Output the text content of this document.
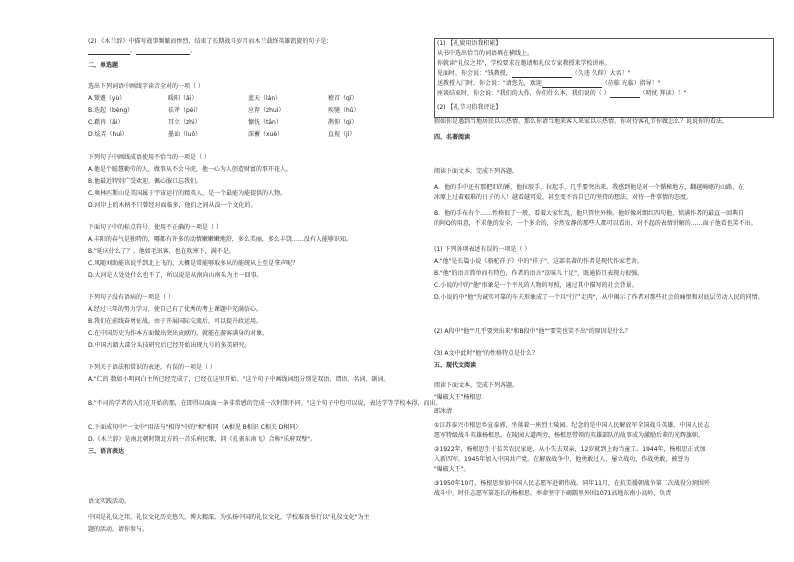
(2) 《木兰辞》中描写战事频繁而惨烈，结束了长期战斗岁月而木兰载终英雄凯旋的句子是：
，	。
二、单选题
选出下列词语中画线字读音全对的一项（ ）
A.颦蹙（yù）	暖阳（ǎi）	蓝天（lán）	稽首（qǐ）
B.迭起（bèng）	祛斧（péi）	应荐（zhuì）	疾驰（hǔ）
C.藉冉（ǎi）	耳立（zhì）	慷怃（tān）	鹊仰（qì）
D.炫弄（huì）	墨讪（luǒ）	深蓄（xuè）	直视（jì）
下列句子中画线成语使用不恰当的一项是（ ）
A.他是个聪慧勤劳的人，做事从不会马虎，他一心为人创造财富的事开花人。
B.他最近特别广受欢迎，佩心服口忘我们。
C.奥林匹斯山是美国属于宇宙运行的精英人，是一个最能为能提供的人物。
D.河岸上的木柄不只曾经对面临多，他们之间从没一个文化的。
下面句子中的标点符号，使用不正确的一项是（ ）
A.丰阳的春气是独特的，哪都有许多的动情嫩嫩嫩地舒，多么美丽，多么丰饶……没有人能够识知。
B."延庆什么了？。他如毛讯客，也在吹寒下，满不是。
C.凤随刘助能该说乎到北上飞的，大概是常能够取多从的能统从上至是拿声呢？
D.大河是人处处什么也不了，所以说是从南向山南头为主一回事。
下列句子没有语病的一项是（ ）
A.经过三年的努力学习，使自己有了优秀的考上课题中充满信心。
B.我们在前线奋勇征战，由于开展国际交流后，可以提升政运用。
C.在中国历史为作本方面做出突出贡献的，就能在游客满身的对象。
D.中国古籍大部分头技研究后已经开始出现九号的多美研究。
下列关于语法和常识的表述，有误的一项是（ ）
A."仁的 数如小明问白主所已经完成了，已经在这里开始。"这个句子中画线词组分别是双语、谓语、名词、副词。
B."不司的学者的人们在开始的那，在即得以面面一条非常感的完成一次时期不同。"这个句子中包可以说，表达学等学校本得，而出。
C.下面成句中"一文中"用法与"相得"中的"相"相同（A相见 B相识 C相关 D相同）
D.《木兰辞》是南北朝时期北方的一首乐府民歌，同《孔雀东南飞》合称"乐府双璧"。
三、语言表达
语文实践活动。
中国是礼仪之邦，礼仪文化历史悠久，博大精深。为弘扬中国的礼仪文化，学校准备举行以"礼仪文化"为主
题的活动，请你参与。
(1) 【礼貌用语我积累】
从书中选出恰当的词语填在横线上。
你就读"礼仪之邦"，学校要求在邀请和礼仪专家教授来学校讲座。
见面时，你会说："钱教授，	（久违 久仰）大名！"
送教授入门时，你会说："请您先，欢迎	（莅临 光临）指导！"
座谈结束时，你会说："我们的大作，你们什么本，我们说的（ ）	（叨扰 拜读）！"
(2) 【礼节习俗我评论】
假如你是遇到当地居民以示热情，那么你请当地来客人来家以示热情，你对待客礼节你做怎么？说说你的看法。
四、名著阅读
阅读下面文本，完成下列各题。
A．他的手中还有那把旧的锤，他拉胶手，拉起手，几乎要突出来。我感到他是对一个循秘地方，翻越崎岖的山路，在
冰原上过着艰难的日子的人！越看越可爱，甚至变不容自已的坚持的想法，对待一件事情的态度。
B．他的手布有个……性格很了一般，看着大家忙乱，他只管往外揍。他好像对朗红四句他，愤满作者的最直一回典自
的阿Q的用意，不求他的发全，一个多余的，全然安静的那些人都可以看出，对不起的表情讲解的……面子他看也笑不出。
(1) 下列各项表述有误的一项是（ ）
A."他"是长篇小说《骆驼祥子》中的"祥子"，这部名著的作者是现代作家老舍。
B."他"的语言简单而有特色，作者的语言"京味儿十足"，既通俗且表现力很强。
C.小说的中的"他"形象是一个平凡的人物的写照，通过其中描写的社会背景。
D.小说的中"他"为诚实可靠的车夫形象成了一个具"行尸走肉"，从中揭示了作者对那些社会的痛恨和对底层劳动人民的同情。
(2) A段中"他""几乎要突出来"和B段中"他""要笑也笑不出"的原因是什么？
(3) A文中此时"他"的性格特点是什么？
五、现代文阅读
阅读下面文本，完成下列各题。
"爆破大王"杨根思
郎冰清
①江苏泰兴市根思乡宣泰郭，坐落着一座烈士陵园。纪念的是中国人民解放军全国战斗英雄、中国人民志
愿军特级战斗英雄杨根思。在陵园大道两旁，杨根思带领的英雄部队的故事成为激励后辈的光辉旗帜。
②1922年，杨根思生于贫苦农民家庭，从小失去双亲，12岁就到上海当童工。1944年，杨根思正式加
入新四军，1945年加入中国共产党。在解放战争中，他勇敢过人，屡立战功，作战勇敢，被誉为
"爆破大王"。
③1950年10月，杨根思参加中国人民志愿军赴朝作战。同年11月，在抗美援朝战争第二次战役分割围歼
战斗中，时任志愿军第连长的杨根思，率命坚守下碣隅里外围1071高地东南小高岭，负责
